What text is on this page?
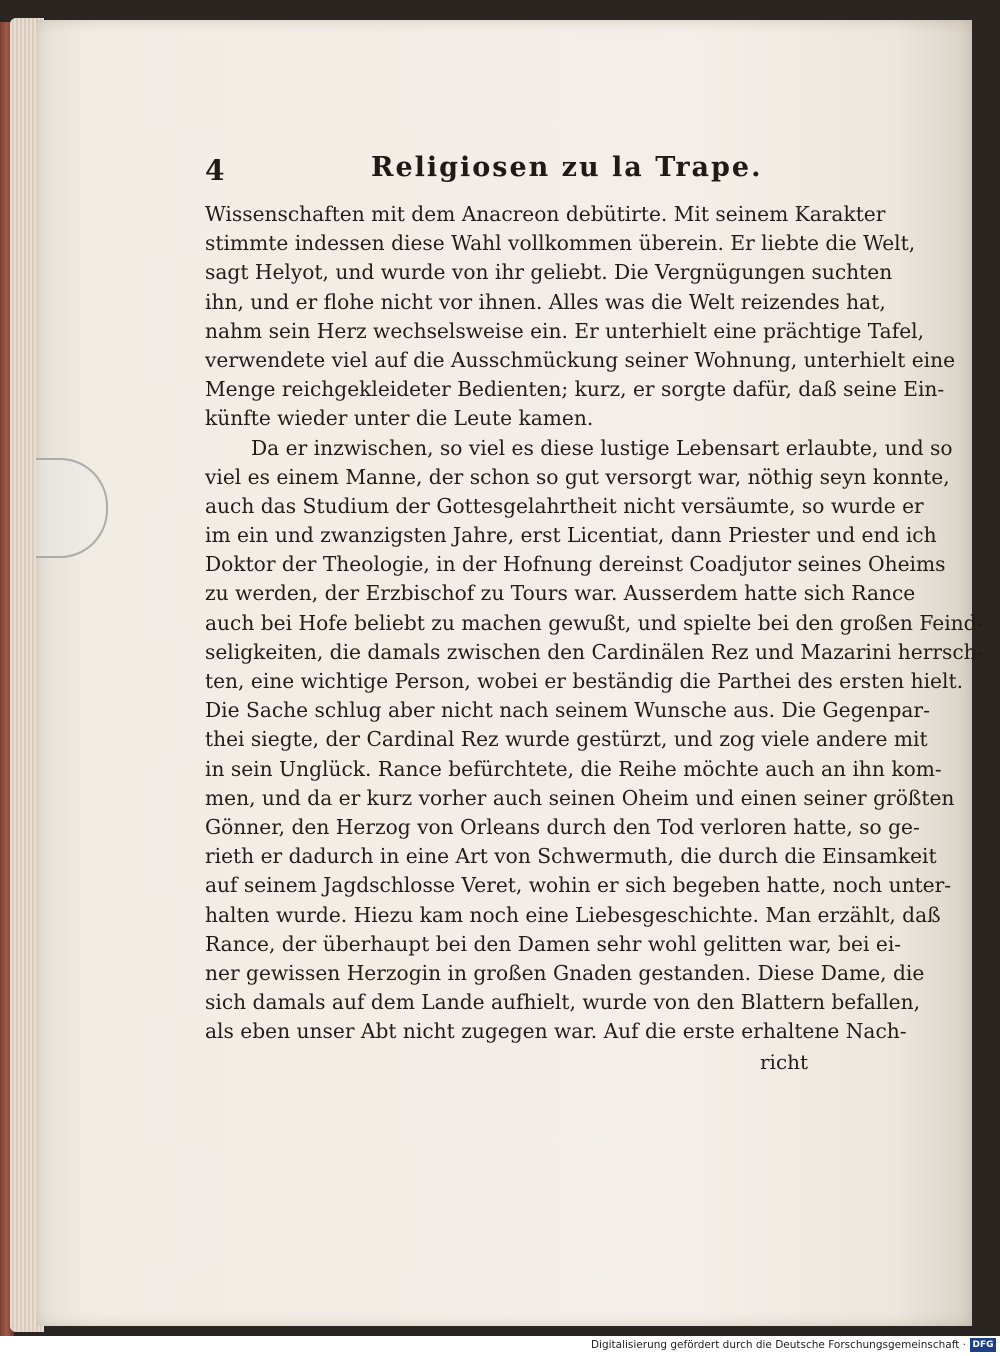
4	Religiosen zu la Trape.
Wissenschaften mit dem Anacreon debütirte. Mit seinem Karakter
stimmte indessen diese Wahl vollkommen überein. Er liebte die Welt,
sagt Helyot, und wurde von ihr geliebt. Die Vergnügungen suchten
ihn, und er flohe nicht vor ihnen. Alles was die Welt reizendes hat,
nahm sein Herz wechselsweise ein. Er unterhielt eine prächtige Tafel,
verwendete viel auf die Ausschmückung seiner Wohnung, unterhielt eine
Menge reichgekleideter Bedienten; kurz, er sorgte dafür, daß seine Ein-
künfte wieder unter die Leute kamen.
Da er inzwischen, so viel es diese lustige Lebensart erlaubte, und so
viel es einem Manne, der schon so gut versorgt war, nöthig seyn konnte,
auch das Studium der Gottesgelahrtheit nicht versäumte, so wurde er
im ein und zwanzigsten Jahre, erst Licentiat, dann Priester und end ich
Doktor der Theologie, in der Hofnung dereinst Coadjutor seines Oheims
zu werden, der Erzbischof zu Tours war. Ausserdem hatte sich Rance
auch bei Hofe beliebt zu machen gewußt, und spielte bei den großen Feind-
seligkeiten, die damals zwischen den Cardinälen Rez und Mazarini herrsch-
ten, eine wichtige Person, wobei er beständig die Parthei des ersten hielt.
Die Sache schlug aber nicht nach seinem Wunsche aus. Die Gegenpar-
thei siegte, der Cardinal Rez wurde gestürzt, und zog viele andere mit
in sein Unglück. Rance befürchtete, die Reihe möchte auch an ihn kom-
men, und da er kurz vorher auch seinen Oheim und einen seiner größten
Gönner, den Herzog von Orleans durch den Tod verloren hatte, so ge-
rieth er dadurch in eine Art von Schwermuth, die durch die Einsamkeit
auf seinem Jagdschlosse Veret, wohin er sich begeben hatte, noch unter-
halten wurde. Hiezu kam noch eine Liebesgeschichte. Man erzählt, daß
Rance, der überhaupt bei den Damen sehr wohl gelitten war, bei ei-
ner gewissen Herzogin in großen Gnaden gestanden. Diese Dame, die
sich damals auf dem Lande aufhielt, wurde von den Blattern befallen,
als eben unser Abt nicht zugegen war. Auf die erste erhaltene Nach-
richt
Digitalisierung gefördert durch die Deutsche Forschungsgemeinschaft · DFG
